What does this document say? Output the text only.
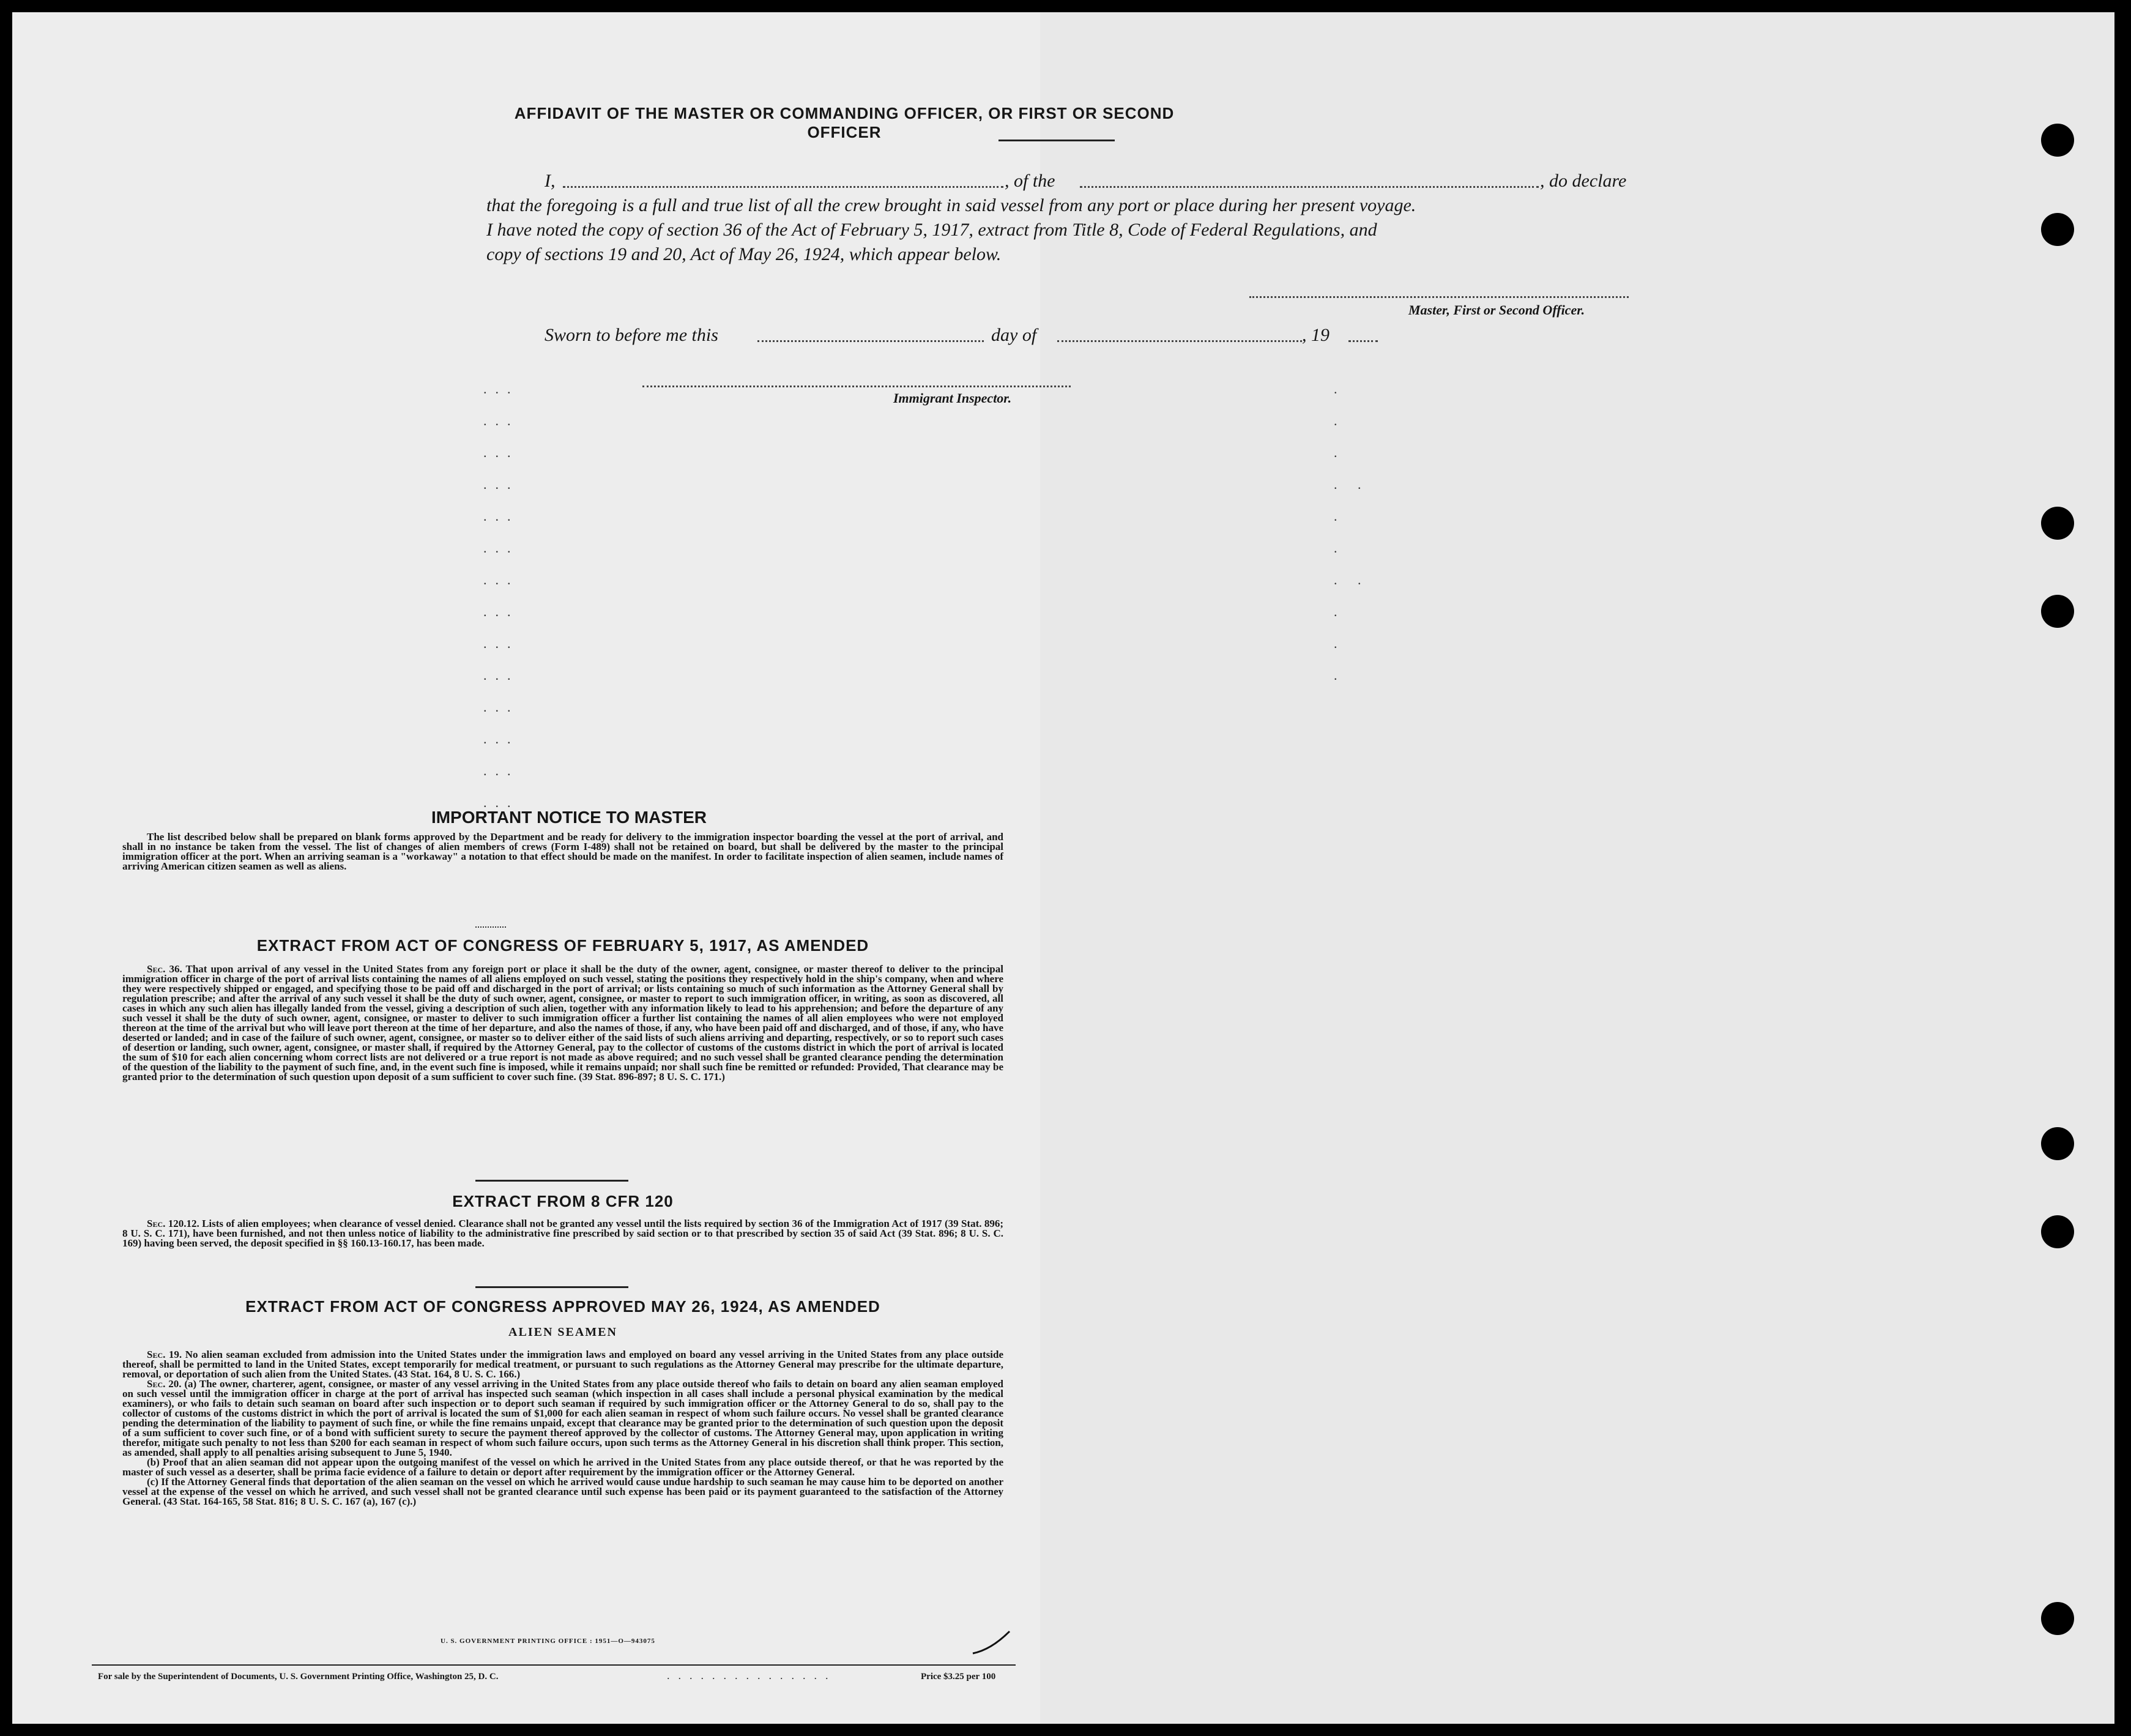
AFFIDAVIT OF THE MASTER OR COMMANDING OFFICER, OR FIRST OR SECOND OFFICER
I,	, of the	, do declare
that the foregoing is a full and true list of all the crew brought in said vessel from any port or place during her present voyage.
I have noted the copy of section 36 of the Act of February 5, 1917, extract from Title 8, Code of Federal Regulations, and
copy of sections 19 and 20, Act of May 26, 1924, which appear below.
Master, First or Second Officer.
Sworn to before me this	day of	, 19
Immigrant Inspector.
...
...
...
...
...
...
...
...
...
...
...
...
...
...
.
.
.
. .
.
.
. .
.
.
.
IMPORTANT NOTICE TO MASTER

The list described below shall be prepared on blank forms approved by the Department and be ready for delivery to the immigration inspector boarding the vessel at the port of arrival, and shall in no instance be taken from the vessel. The list of changes of alien members of crews (Form I-489) shall not be retained on board, but shall be delivered by the master to the principal immigration officer at the port. When an arriving seaman is a "workaway" a notation to that effect should be made on the manifest. In order to facilitate inspection of alien seamen, include names of arriving American citizen seamen as well as aliens.

EXTRACT FROM ACT OF CONGRESS OF FEBRUARY 5, 1917, AS AMENDED

Sec. 36. That upon arrival of any vessel in the United States from any foreign port or place it shall be the duty of the owner, agent, consignee, or master thereof to deliver to the principal immigration officer in charge of the port of arrival lists containing the names of all aliens employed on such vessel, stating the positions they respectively hold in the ship's company, when and where they were respectively shipped or engaged, and specifying those to be paid off and discharged in the port of arrival; or lists containing so much of such information as the Attorney General shall by regulation prescribe; and after the arrival of any such vessel it shall be the duty of such owner, agent, consignee, or master to report to such immigration officer, in writing, as soon as discovered, all cases in which any such alien has illegally landed from the vessel, giving a description of such alien, together with any information likely to lead to his apprehension; and before the departure of any such vessel it shall be the duty of such owner, agent, consignee, or master to deliver to such immigration officer a further list containing the names of all alien employees who were not employed thereon at the time of the arrival but who will leave port thereon at the time of her departure, and also the names of those, if any, who have been paid off and discharged, and of those, if any, who have deserted or landed; and in case of the failure of such owner, agent, consignee, or master so to deliver either of the said lists of such aliens arriving and departing, respectively, or so to report such cases of desertion or landing, such owner, agent, consignee, or master shall, if required by the Attorney General, pay to the collector of customs of the customs district in which the port of arrival is located the sum of $10 for each alien concerning whom correct lists are not delivered or a true report is not made as above required; and no such vessel shall be granted clearance pending the determination of the question of the liability to the payment of such fine, and, in the event such fine is imposed, while it remains unpaid; nor shall such fine be remitted or refunded: Provided, That clearance may be granted prior to the determination of such question upon deposit of a sum sufficient to cover such fine. (39 Stat. 896-897; 8 U. S. C. 171.)

EXTRACT FROM 8 CFR 120

Sec. 120.12. Lists of alien employees; when clearance of vessel denied. Clearance shall not be granted any vessel until the lists required by section 36 of the Immigration Act of 1917 (39 Stat. 896; 8 U. S. C. 171), have been furnished, and not then unless notice of liability to the administrative fine prescribed by said section or to that prescribed by section 35 of said Act (39 Stat. 896; 8 U. S. C. 169) having been served, the deposit specified in §§ 160.13-160.17, has been made.

EXTRACT FROM ACT OF CONGRESS APPROVED MAY 26, 1924, AS AMENDED
ALIEN SEAMEN

Sec. 19. No alien seaman excluded from admission into the United States under the immigration laws and employed on board any vessel arriving in the United States from any place outside thereof, shall be permitted to land in the United States, except temporarily for medical treatment, or pursuant to such regulations as the Attorney General may prescribe for the ultimate departure, removal, or deportation of such alien from the United States. (43 Stat. 164, 8 U. S. C. 166.)

Sec. 20. (a) The owner, charterer, agent, consignee, or master of any vessel arriving in the United States from any place outside thereof who fails to detain on board any alien seaman employed on such vessel until the immigration officer in charge at the port of arrival has inspected such seaman (which inspection in all cases shall include a personal physical examination by the medical examiners), or who fails to detain such seaman on board after such inspection or to deport such seaman if required by such immigration officer or the Attorney General to do so, shall pay to the collector of customs of the customs district in which the port of arrival is located the sum of $1,000 for each alien seaman in respect of whom such failure occurs. No vessel shall be granted clearance pending the determination of the liability to payment of such fine, or while the fine remains unpaid, except that clearance may be granted prior to the determination of such question upon the deposit of a sum sufficient to cover such fine, or of a bond with sufficient surety to secure the payment thereof approved by the collector of customs. The Attorney General may, upon application in writing therefor, mitigate such penalty to not less than $200 for each seaman in respect of whom such failure occurs, upon such terms as the Attorney General in his discretion shall think proper. This section, as amended, shall apply to all penalties arising subsequent to June 5, 1940.

(b) Proof that an alien seaman did not appear upon the outgoing manifest of the vessel on which he arrived in the United States from any place outside thereof, or that he was reported by the master of such vessel as a deserter, shall be prima facie evidence of a failure to detain or deport after requirement by the immigration officer or the Attorney General.

(c) If the Attorney General finds that deportation of the alien seaman on the vessel on which he arrived would cause undue hardship to such seaman he may cause him to be deported on another vessel at the expense of the vessel on which he arrived, and such vessel shall not be granted clearance until such expense has been paid or its payment guaranteed to the satisfaction of the Attorney General. (43 Stat. 164-165, 58 Stat. 816; 8 U. S. C. 167 (a), 167 (c).)

U. S. GOVERNMENT PRINTING OFFICE : 1951—O—943075
For sale by the Superintendent of Documents, U. S. Government Printing Office, Washington 25, D. C.	...............	Price $3.25 per 100
